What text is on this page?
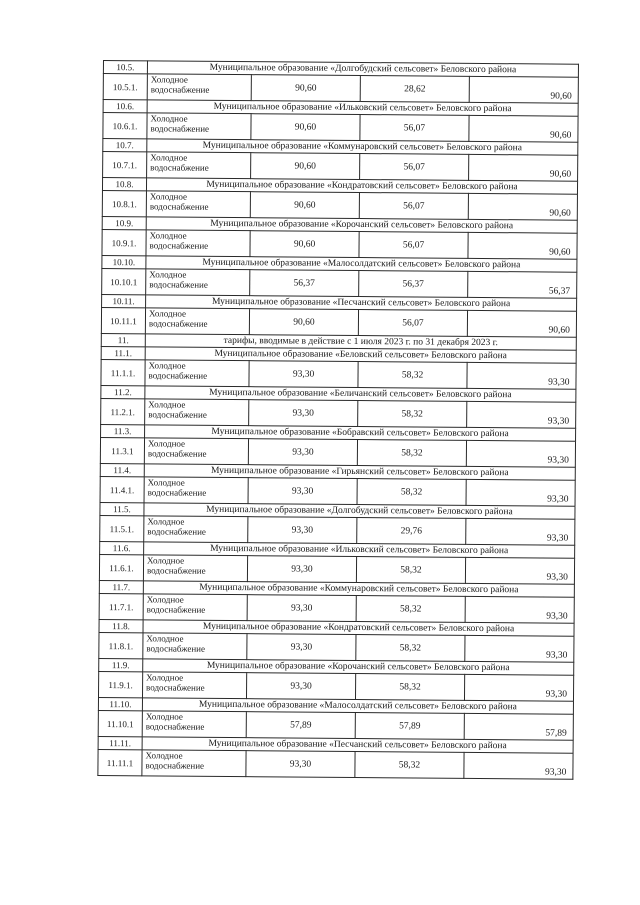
10.5.	Муниципальное образование «Долгобудский сельсовет» Беловского района			
10.5.1.	Холодное водоснабжение	90,60	28,62	90,60
10.6.	Муниципальное образование «Ильковский сельсовет» Беловского района			
10.6.1.	Холодное водоснабжение	90,60	56,07	90,60
10.7.	Муниципальное образование «Коммунаровский сельсовет» Беловского района			
10.7.1.	Холодное водоснабжение	90,60	56,07	90,60
10.8.	Муниципальное образование «Кондратовский сельсовет» Беловского района			
10.8.1.	Холодное водоснабжение	90,60	56,07	90,60
10.9.	Муниципальное образование «Корочанский сельсовет» Беловского района			
10.9.1.	Холодное водоснабжение	90,60	56,07	90,60
10.10.	Муниципальное образование «Малосолдатский сельсовет» Беловского района			
10.10.1	Холодное водоснабжение	56,37	56,37	56,37
10.11.	Муниципальное образование «Песчанский сельсовет» Беловского района			
10.11.1	Холодное водоснабжение	90,60	56,07	90,60
11.	тарифы, вводимые в действие с 1 июля 2023 г. по 31 декабря 2023 г.			
11.1.	Муниципальное образование «Беловский сельсовет» Беловского района			
11.1.1.	Холодное водоснабжение	93,30	58,32	93,30
11.2.	Муниципальное образование «Беличанский сельсовет» Беловского района			
11.2.1.	Холодное водоснабжение	93,30	58,32	93,30
11.3.	Муниципальное образование «Бобравский сельсовет» Беловского района			
11.3.1	Холодное водоснабжение	93,30	58,32	93,30
11.4.	Муниципальное образование «Гирьянский сельсовет» Беловского района			
11.4.1.	Холодное водоснабжение	93,30	58,32	93,30
11.5.	Муниципальное образование «Долгобудский сельсовет» Беловского района			
11.5.1.	Холодное водоснабжение	93,30	29,76	93,30
11.6.	Муниципальное образование «Ильковский сельсовет» Беловского района			
11.6.1.	Холодное водоснабжение	93,30	58,32	93,30
11.7.	Муниципальное образование «Коммунаровский сельсовет» Беловского района			
11.7.1.	Холодное водоснабжение	93,30	58,32	93,30
11.8.	Муниципальное образование «Кондратовский сельсовет» Беловского района			
11.8.1.	Холодное водоснабжение	93,30	58,32	93,30
11.9.	Муниципальное образование «Корочанский сельсовет» Беловского района			
11.9.1.	Холодное водоснабжение	93,30	58,32	93,30
11.10.	Муниципальное образование «Малосолдатский сельсовет» Беловского района			
11.10.1	Холодное водоснабжение	57,89	57,89	57,89
11.11.	Муниципальное образование «Песчанский сельсовет» Беловского района			
11.11.1	Холодное водоснабжение	93,30	58,32	93,30
